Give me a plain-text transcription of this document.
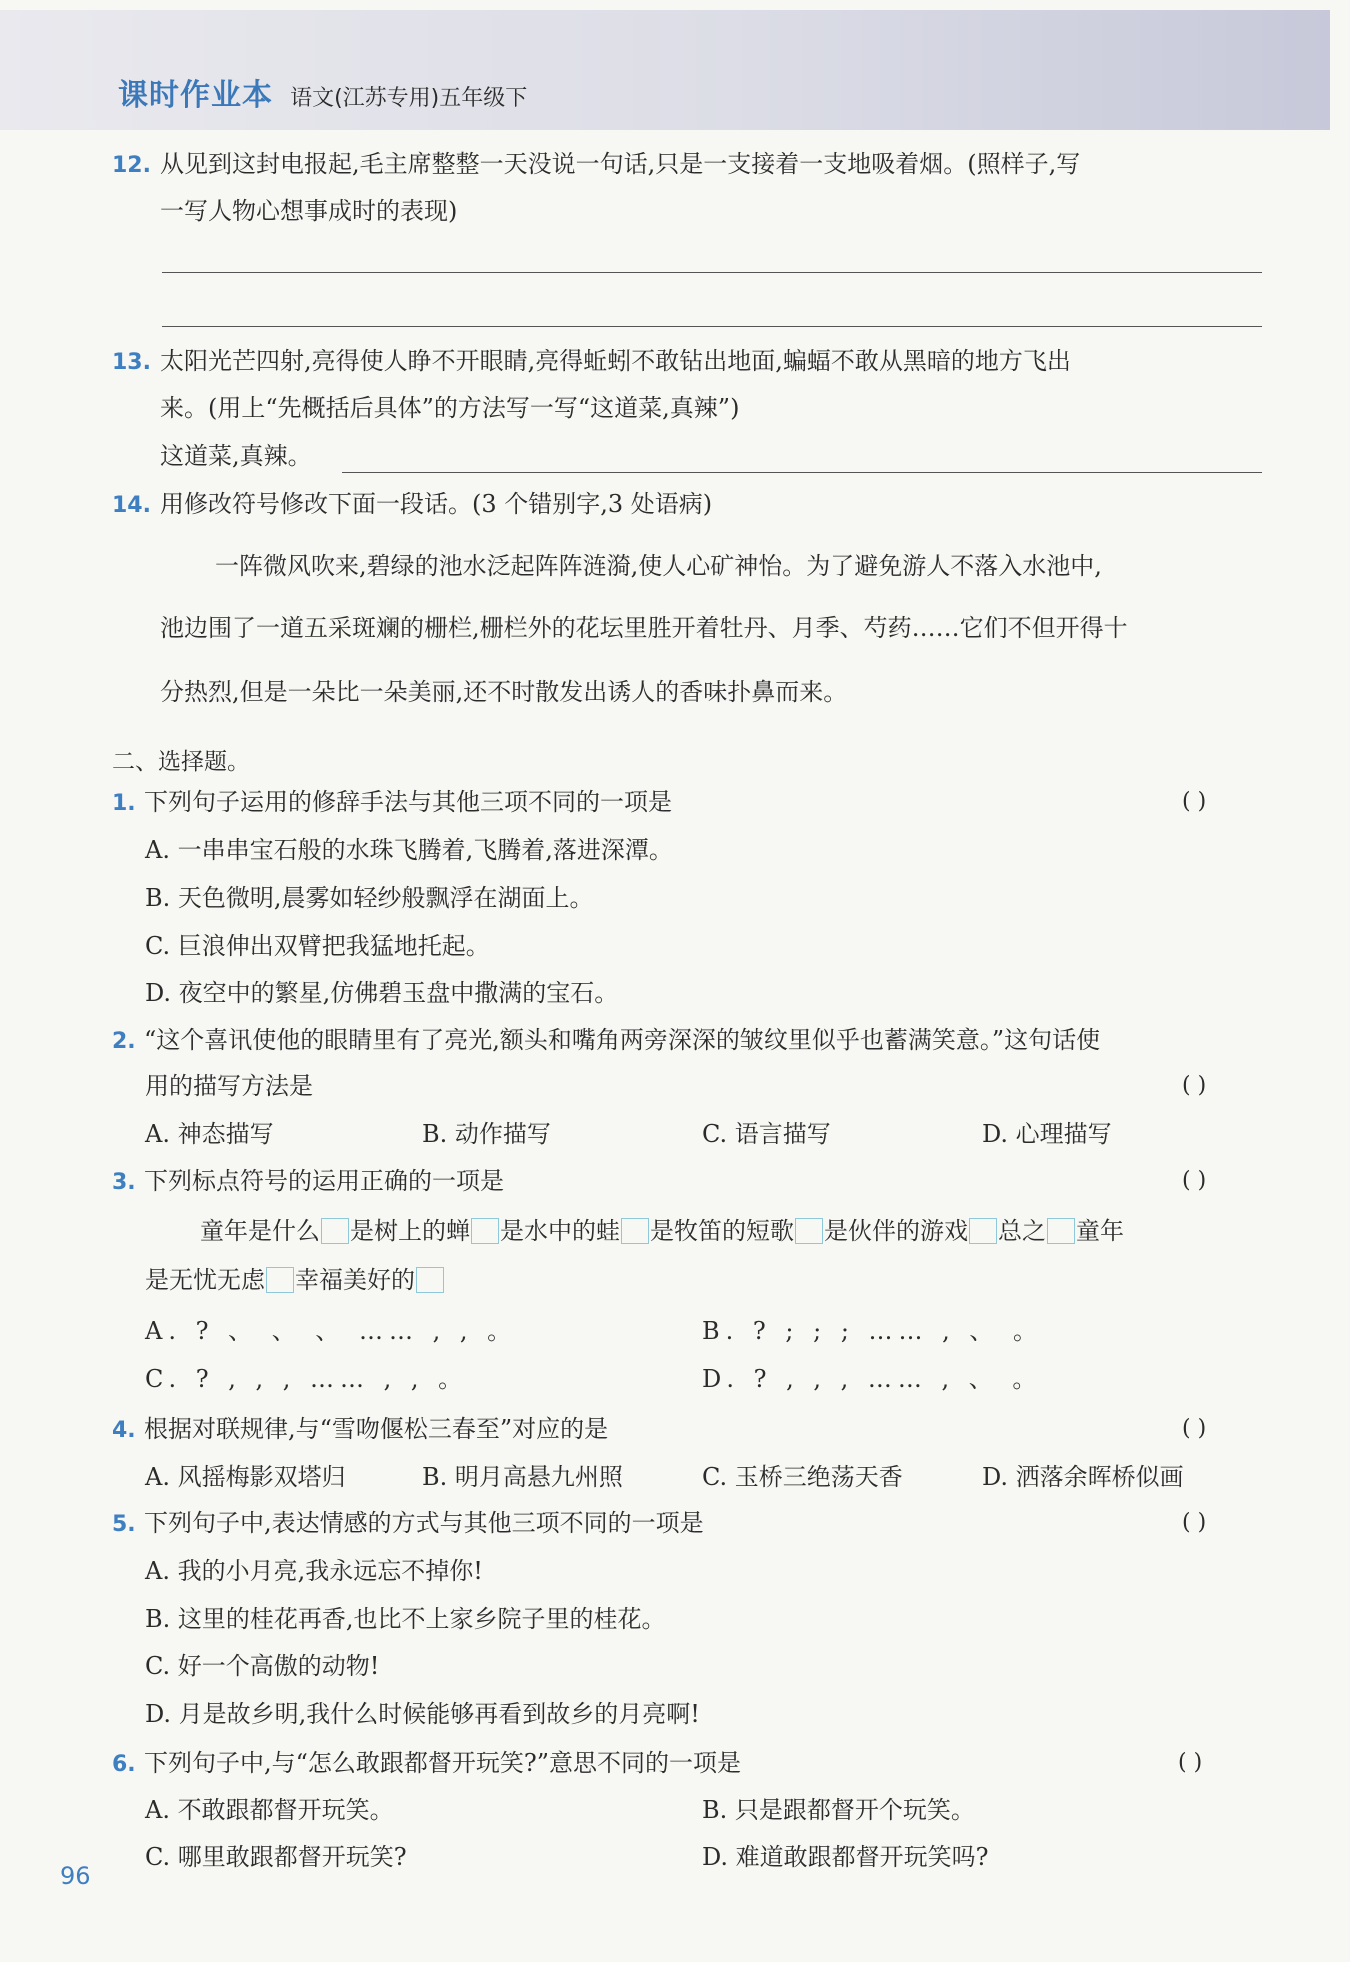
课时作业本 语文(江苏专用)五年级下
12. 从见到这封电报起,毛主席整整一天没说一句话,只是一支接着一支地吸着烟。(照样子,写
一写人物心想事成时的表现)
13. 太阳光芒四射,亮得使人睁不开眼睛,亮得蚯蚓不敢钻出地面,蝙蝠不敢从黑暗的地方飞出
来。(用上“先概括后具体”的方法写一写“这道菜,真辣”)
这道菜,真辣。
14. 用修改符号修改下面一段话。(3 个错别字,3 处语病)
一阵微风吹来,碧绿的池水泛起阵阵涟漪,使人心矿神怡。为了避免游人不落入水池中,
池边围了一道五采斑斓的栅栏,栅栏外的花坛里胜开着牡丹、月季、芍药……它们不但开得十
分热烈,但是一朵比一朵美丽,还不时散发出诱人的香味扑鼻而来。
二、选择题。
1. 下列句子运用的修辞手法与其他三项不同的一项是	( )
A. 一串串宝石般的水珠飞腾着,飞腾着,落进深潭。
B. 天色微明,晨雾如轻纱般飘浮在湖面上。
C. 巨浪伸出双臂把我猛地托起。
D. 夜空中的繁星,仿佛碧玉盘中撒满的宝石。
2. “这个喜讯使他的眼睛里有了亮光,额头和嘴角两旁深深的皱纹里似乎也蓄满笑意。”这句话使
用的描写方法是	( )
A. 神态描写	B. 动作描写	C. 语言描写	D. 心理描写
3. 下列标点符号的运用正确的一项是	( )
童年是什么 是树上的蝉 是水中的蛙 是牧笛的短歌 是伙伴的游戏 总之 童年
是无忧无虑 幸福美好的
A. ? 、 、 、 …… , , 。	B. ? ; ; ; …… , 、 。
C. ? , , , …… , , 。	D. ? , , , …… , 、 。
4. 根据对联规律,与“雪吻偃松三春至”对应的是	( )
A. 风摇梅影双塔归	B. 明月高悬九州照	C. 玉桥三绝荡天香	D. 洒落余晖桥似画
5. 下列句子中,表达情感的方式与其他三项不同的一项是	( )
A. 我的小月亮,我永远忘不掉你!
B. 这里的桂花再香,也比不上家乡院子里的桂花。
C. 好一个高傲的动物!
D. 月是故乡明,我什么时候能够再看到故乡的月亮啊!
6. 下列句子中,与“怎么敢跟都督开玩笑?”意思不同的一项是	( )
A. 不敢跟都督开玩笑。	B. 只是跟都督开个玩笑。
C. 哪里敢跟都督开玩笑?	D. 难道敢跟都督开玩笑吗?
96
